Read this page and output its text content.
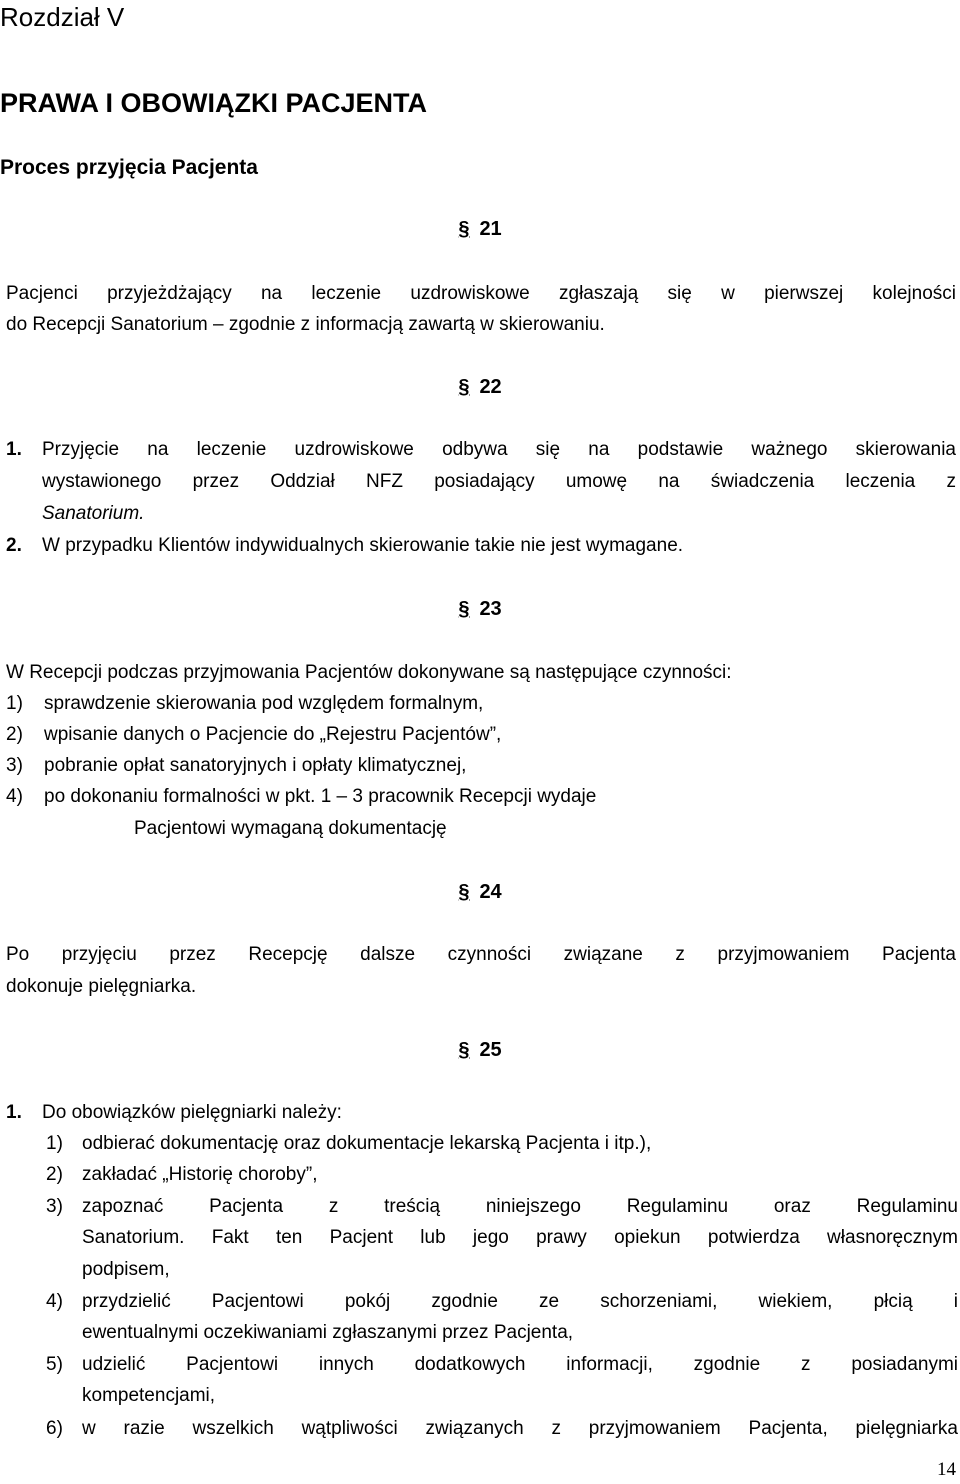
Rozdział V
PRAWA I OBOWIĄZKI PACJENTA
Proces przyjęcia Pacjenta
§ 21
Pacjenci przyjeżdżający na leczenie uzdrowiskowe zgłaszają się w pierwszej kolejności
do Recepcji Sanatorium – zgodnie z informacją zawartą w skierowaniu.
§ 22
1. Przyjęcie na leczenie uzdrowiskowe odbywa się na podstawie ważnego skierowania
wystawionego przez Oddział NFZ posiadający umowę na świadczenia leczenia z
Sanatorium.
2. W przypadku Klientów indywidualnych skierowanie takie nie jest wymagane.
§ 23
W Recepcji podczas przyjmowania Pacjentów dokonywane są następujące czynności:
1) sprawdzenie skierowania pod względem formalnym,
2) wpisanie danych o Pacjencie do „Rejestru Pacjentów”,
3) pobranie opłat sanatoryjnych i opłaty klimatycznej,
4) po dokonaniu formalności w pkt. 1 – 3 pracownik Recepcji wydaje
Pacjentowi wymaganą dokumentację
§ 24
Po przyjęciu przez Recepcję dalsze czynności związane z przyjmowaniem Pacjenta
dokonuje pielęgniarka.
§ 25
1. Do obowiązków pielęgniarki należy:
1) odbierać dokumentację oraz dokumentacje lekarską Pacjenta i itp.),
2) zakładać „Historię choroby”,
3) zapoznać Pacjenta z treścią niniejszego Regulaminu oraz Regulaminu
Sanatorium. Fakt ten Pacjent lub jego prawy opiekun potwierdza własnoręcznym
podpisem,
4) przydzielić Pacjentowi pokój zgodnie ze schorzeniami, wiekiem, płcią i
ewentualnymi oczekiwaniami zgłaszanymi przez Pacjenta,
5) udzielić Pacjentowi innych dodatkowych informacji, zgodnie z posiadanymi
kompetencjami,
6) w razie wszelkich wątpliwości związanych z przyjmowaniem Pacjenta, pielęgniarka
14
